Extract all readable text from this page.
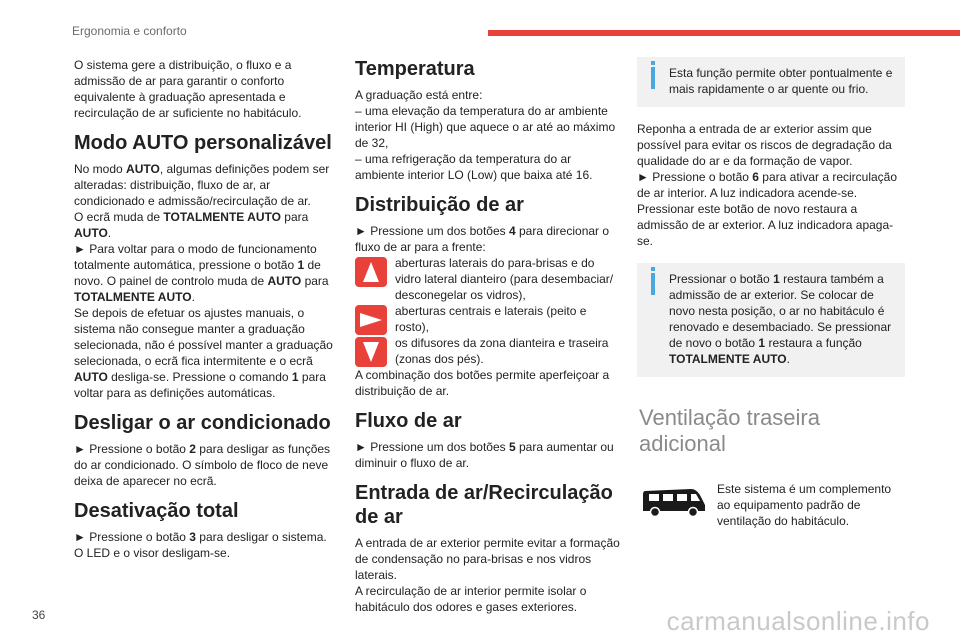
Ergonomia e conforto

O sistema gere a distribuição, o fluxo e a admissão de ar para garantir o conforto equivalente à graduação apresentada e recirculação de ar suficiente no habitáculo.

Modo AUTO personalizável

No modo AUTO, algumas definições podem ser alteradas: distribuição, fluxo de ar, ar condicionado e admissão/recirculação de ar.

O ecrã muda de TOTALMENTE AUTO para AUTO.

► Para voltar para o modo de funcionamento totalmente automática, pressione o botão 1 de novo. O painel de controlo muda de AUTO para TOTALMENTE AUTO.

Se depois de efetuar os ajustes manuais, o sistema não consegue manter a graduação selecionada, não é possível manter a graduação selecionada, o ecrã fica intermitente e o ecrã AUTO desliga-se. Pressione o comando 1 para voltar para as definições automáticas.

Desligar o ar condicionado

► Pressione o botão 2 para desligar as funções do ar condicionado. O símbolo de floco de neve deixa de aparecer no ecrã.

Desativação total

► Pressione o botão 3 para desligar o sistema.

O LED e o visor desligam-se.

Temperatura

A graduação está entre:

– uma elevação da temperatura do ar ambiente interior HI (High) que aquece o ar até ao máximo de 32,

– uma refrigeração da temperatura do ar ambiente interior LO (Low) que baixa até 16.

Distribuição de ar

► Pressione um dos botões 4 para direcionar o fluxo de ar para a frente:

aberturas laterais do para-brisas e do vidro lateral dianteiro (para desembaciar/ desconegelar os vidros),
aberturas centrais e laterais (peito e rosto),
os difusores da zona dianteira e traseira (zonas dos pés).

A combinação dos botões permite aperfeiçoar a distribuição de ar.

Fluxo de ar

► Pressione um dos botões 5 para aumentar ou diminuir o fluxo de ar.

Entrada de ar/Recirculação de ar

A entrada de ar exterior permite evitar a formação de condensação no para-brisas e nos vidros laterais.

A recirculação de ar interior permite isolar o habitáculo dos odores e gases exteriores.

Esta função permite obter pontualmente e mais rapidamente o ar quente ou frio.

Reponha a entrada de ar exterior assim que possível para evitar os riscos de degradação da qualidade do ar e da formação de vapor.

► Pressione o botão 6 para ativar a recirculação de ar interior. A luz indicadora acende-se.

Pressionar este botão de novo restaura a admissão de ar exterior. A luz indicadora apaga-se.

Pressionar o botão 1 restaura também a admissão de ar exterior. Se colocar de novo nesta posição, o ar no habitáculo é renovado e desembaciado. Se pressionar de novo o botão 1 restaura a função TOTALMENTE AUTO.

Ventilação traseira adicional

Este sistema é um complemento ao equipamento padrão de ventilação do habitáculo.

36	carmanualsonline.info
